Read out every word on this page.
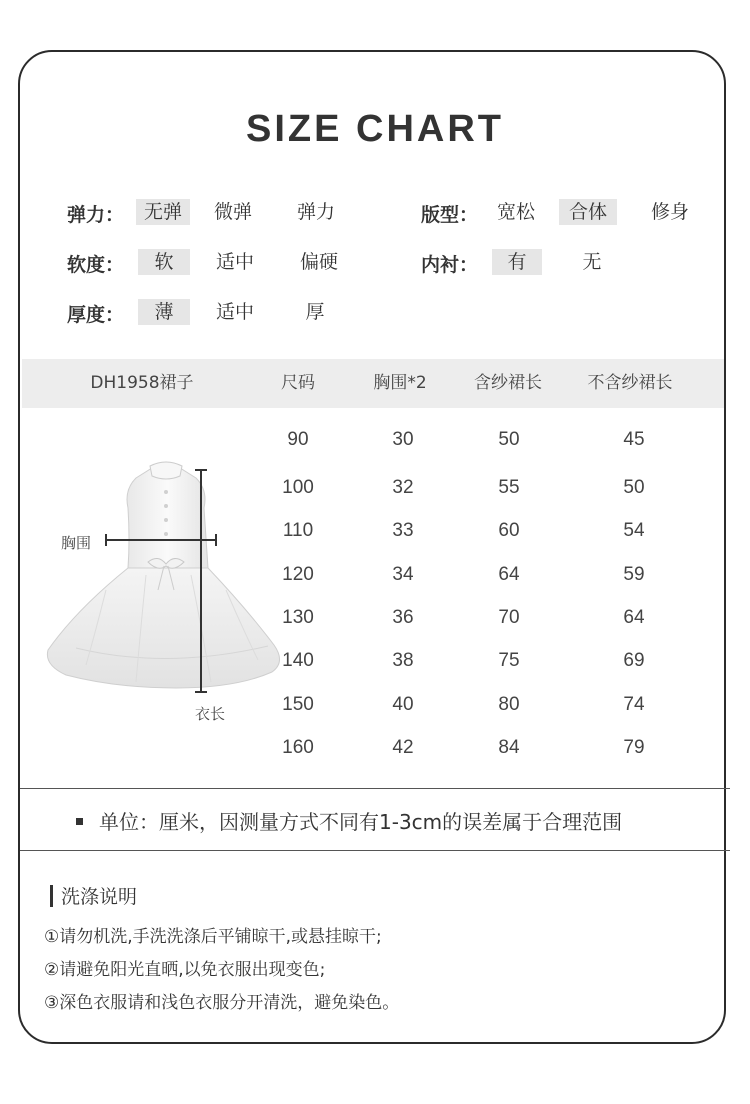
SIZE CHART
弹力：	无弹	微弹	弹力	版型： 宽松	合体	修身
软度：	软	适中	偏硬	内衬：	有	无
厚度：	薄	适中	厚
DH1958裙子	尺码	胸围*2	含纱裙长	不含纱裙长
胸围
衣长
90	30	50	45
100	32	55	50
110	33	60	54
120	34	64	59
130	36	70	64
140	38	75	69
150	40	80	74
160	42	84	79
单位：厘米，因测量方式不同有1-3cm的误差属于合理范围
洗涤说明
①请勿机洗,手洗洗涤后平铺晾干,或悬挂晾干;
②请避免阳光直晒,以免衣服出现变色;
③深色衣服请和浅色衣服分开清洗，避免染色。
